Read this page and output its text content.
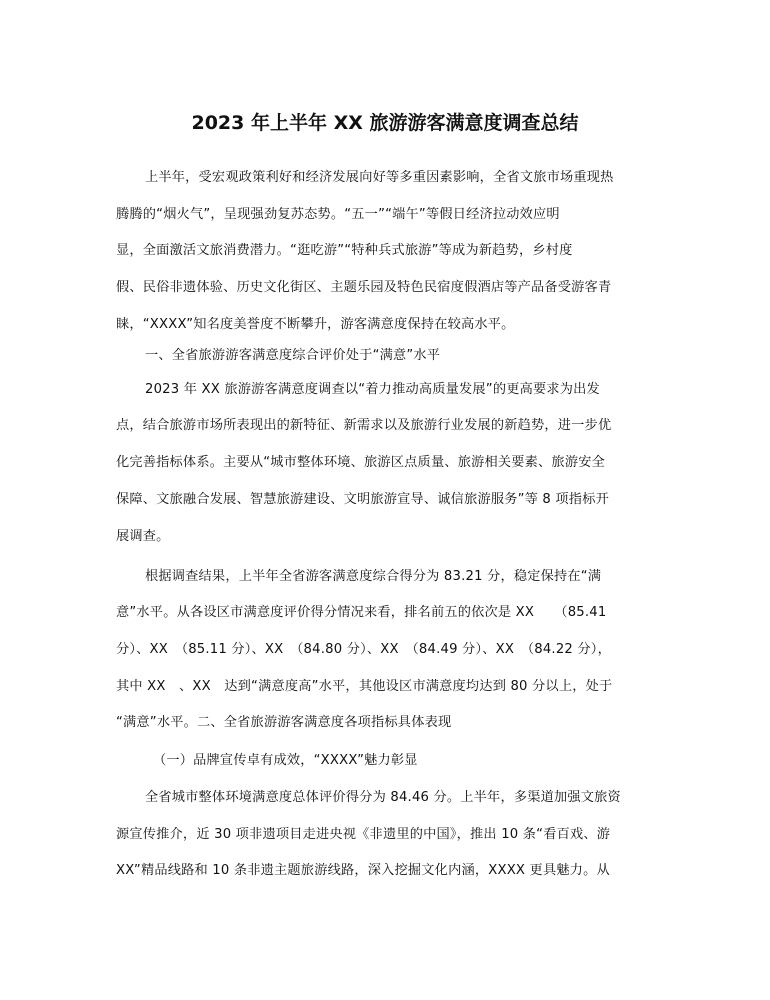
2023 年上半年 XX 旅游游客满意度调查总结

上半年，受宏观政策利好和经济发展向好等多重因素影响，全省文旅市场重现热

腾腾的“烟火气”，呈现强劲复苏态势。“五一”“端午”等假日经济拉动效应明

显，全面激活文旅消费潜力。“逛吃游”“特种兵式旅游”等成为新趋势，乡村度

假、民俗非遗体验、历史文化街区、主题乐园及特色民宿度假酒店等产品备受游客青

睐，“XXXX”知名度美誉度不断攀升，游客满意度保持在较高水平。

一、全省旅游游客满意度综合评价处于“满意”水平

2023 年 XX 旅游游客满意度调查以“着力推动高质量发展”的更高要求为出发

点，结合旅游市场所表现出的新特征、新需求以及旅游行业发展的新趋势，进一步优

化完善指标体系。主要从“城市整体环境、旅游区点质量、旅游相关要素、旅游安全

保障、文旅融合发展、智慧旅游建设、文明旅游宣导、诚信旅游服务”等 8 项指标开

展调查。

根据调查结果，上半年全省游客满意度综合得分为 83.21 分，稳定保持在“满

意”水平。从各设区市满意度评价得分情况来看，排名前五的依次是 XX　　（85.41

分）、XX　（85.11 分）、XX　（84.80 分）、XX　（84.49 分）、XX　（84.22 分），

其中 XX　、XX　达到“满意度高”水平，其他设区市满意度均达到 80 分以上，处于

“满意”水平。二、全省旅游游客满意度各项指标具体表现

（一）品牌宣传卓有成效，“XXXX”魅力彰显

全省城市整体环境满意度总体评价得分为 84.46 分。上半年，多渠道加强文旅资

源宣传推介，近 30 项非遗项目走进央视《非遗里的中国》，推出 10 条“看百戏、游

XX”精品线路和 10 条非遗主题旅游线路，深入挖掘文化内涵，XXXX 更具魅力。从
